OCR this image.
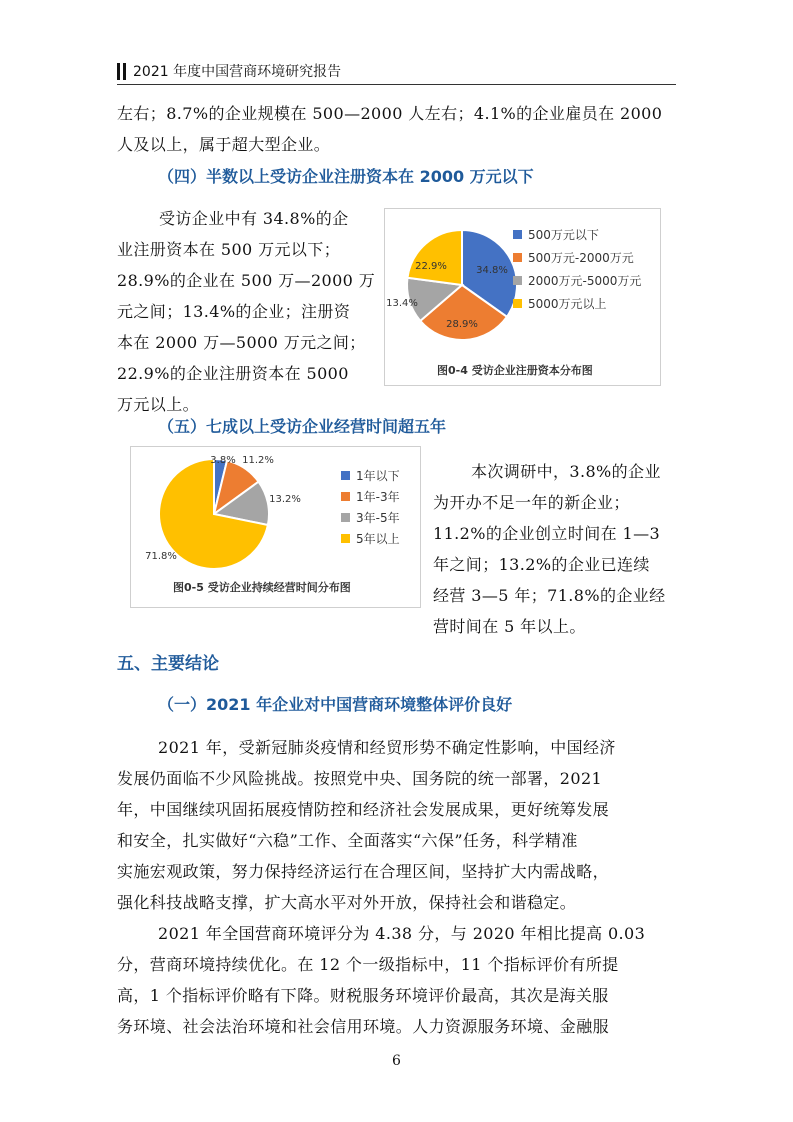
2021 年度中国营商环境研究报告
左右；8.7%的企业规模在 500—2000 人左右；4.1%的企业雇员在 2000
人及以上，属于超大型企业。
（四）半数以上受访企业注册资本在 2000 万元以下
受访企业中有 34.8%的企
业注册资本在 500 万元以下；
28.9%的企业在 500 万—2000 万
元之间；13.4%的企业；注册资
本在 2000 万—5000 万元之间；
22.9%的企业注册资本在 5000
万元以上。
34.8%
28.9%
13.4%
22.9%
500万元以下
500万元-2000万元
2000万元-5000万元
5000万元以上
图0-4 受访企业注册资本分布图
（五）七成以上受访企业经营时间超五年
3.8% 11.2%
13.2%
71.8%
1年以下
1年-3年
3年-5年
5年以上
图0-5 受访企业持续经营时间分布图
本次调研中，3.8%的企业
为开办不足一年的新企业；
11.2%的企业创立时间在 1—3
年之间；13.2%的企业已连续
经营 3—5 年；71.8%的企业经
营时间在 5 年以上。
五、主要结论
（一）2021 年企业对中国营商环境整体评价良好
2021 年，受新冠肺炎疫情和经贸形势不确定性影响，中国经济
发展仍面临不少风险挑战。按照党中央、国务院的统一部署，2021
年，中国继续巩固拓展疫情防控和经济社会发展成果，更好统筹发展
和安全，扎实做好“六稳”工作、全面落实“六保”任务，科学精准
实施宏观政策，努力保持经济运行在合理区间，坚持扩大内需战略，
强化科技战略支撑，扩大高水平对外开放，保持社会和谐稳定。
2021 年全国营商环境评分为 4.38 分，与 2020 年相比提高 0.03
分，营商环境持续优化。在 12 个一级指标中，11 个指标评价有所提
高，1 个指标评价略有下降。财税服务环境评价最高，其次是海关服
务环境、社会法治环境和社会信用环境。人力资源服务环境、金融服
6
